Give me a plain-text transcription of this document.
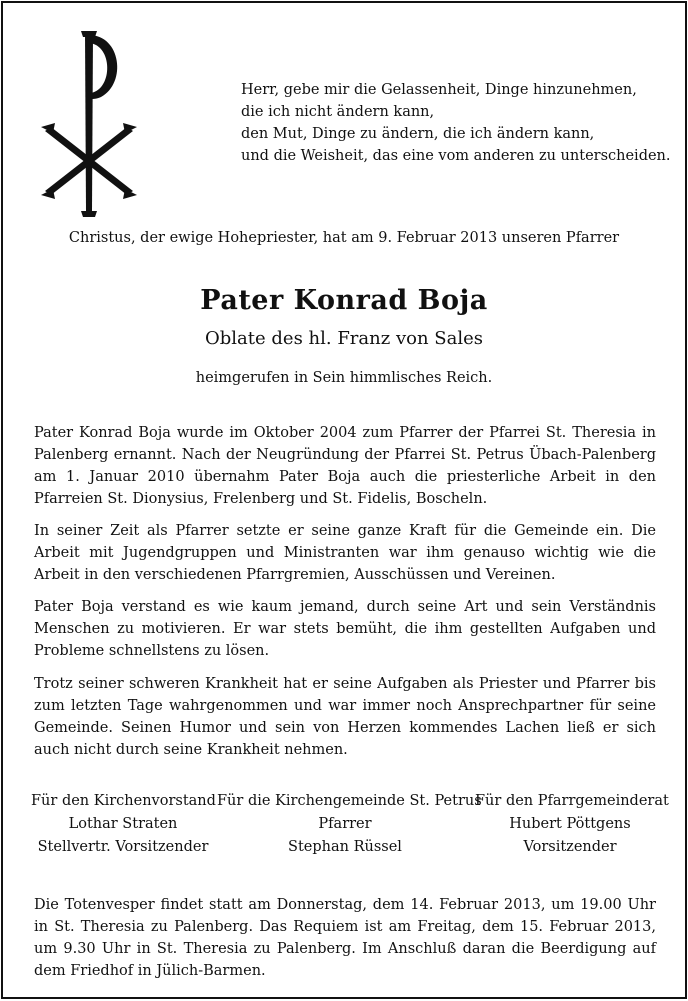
Herr, gebe mir die Gelassenheit, Dinge hinzunehmen,
die ich nicht ändern kann,
den Mut, Dinge zu ändern, die ich ändern kann,
und die Weisheit, das eine vom anderen zu unterscheiden.
Christus, der ewige Hohepriester, hat am 9. Februar 2013 unseren Pfarrer
Pater Konrad Boja
Oblate des hl. Franz von Sales
heimgerufen in Sein himmlisches Reich.

Pater Konrad Boja wurde im Oktober 2004 zum Pfarrer der Pfarrei St. Theresia in Palenberg ernannt. Nach der Neugründung der Pfarrei St. Petrus Übach-Palenberg am 1. Januar 2010 übernahm Pater Boja auch die priesterliche Arbeit in den Pfarreien St. Dionysius, Frelenberg und St. Fidelis, Boscheln.

In seiner Zeit als Pfarrer setzte er seine ganze Kraft für die Gemeinde ein. Die Arbeit mit Jugendgruppen und Ministranten war ihm genauso wichtig wie die Arbeit in den verschiedenen Pfarrgremien, Ausschüssen und Vereinen.

Pater Boja verstand es wie kaum jemand, durch seine Art und sein Verständnis Menschen zu motivieren. Er war stets bemüht, die ihm gestellten Aufgaben und Probleme schnellstens zu lösen.

Trotz seiner schweren Krankheit hat er seine Aufgaben als Priester und Pfarrer bis zum letzten Tage wahrgenommen und war immer noch Ansprechpartner für seine Gemeinde. Seinen Humor und sein von Herzen kommendes Lachen ließ er sich auch nicht durch seine Krankheit nehmen.

Für den Kirchenvorstand
Lothar Straten
Stellvertr. Vorsitzender
Für die Kirchengemeinde St. Petrus
Pfarrer
Stephan Rüssel
Für den Pfarrgemeinderat
Hubert Pöttgens
Vorsitzender

Die Totenvesper findet statt am Donnerstag, dem 14. Februar 2013, um 19.00 Uhr in St. Theresia zu Palenberg. Das Requiem ist am Freitag, dem 15. Februar 2013, um 9.30 Uhr in St. Theresia zu Palenberg. Im Anschluß daran die Beerdigung auf dem Friedhof in Jülich-Barmen.
